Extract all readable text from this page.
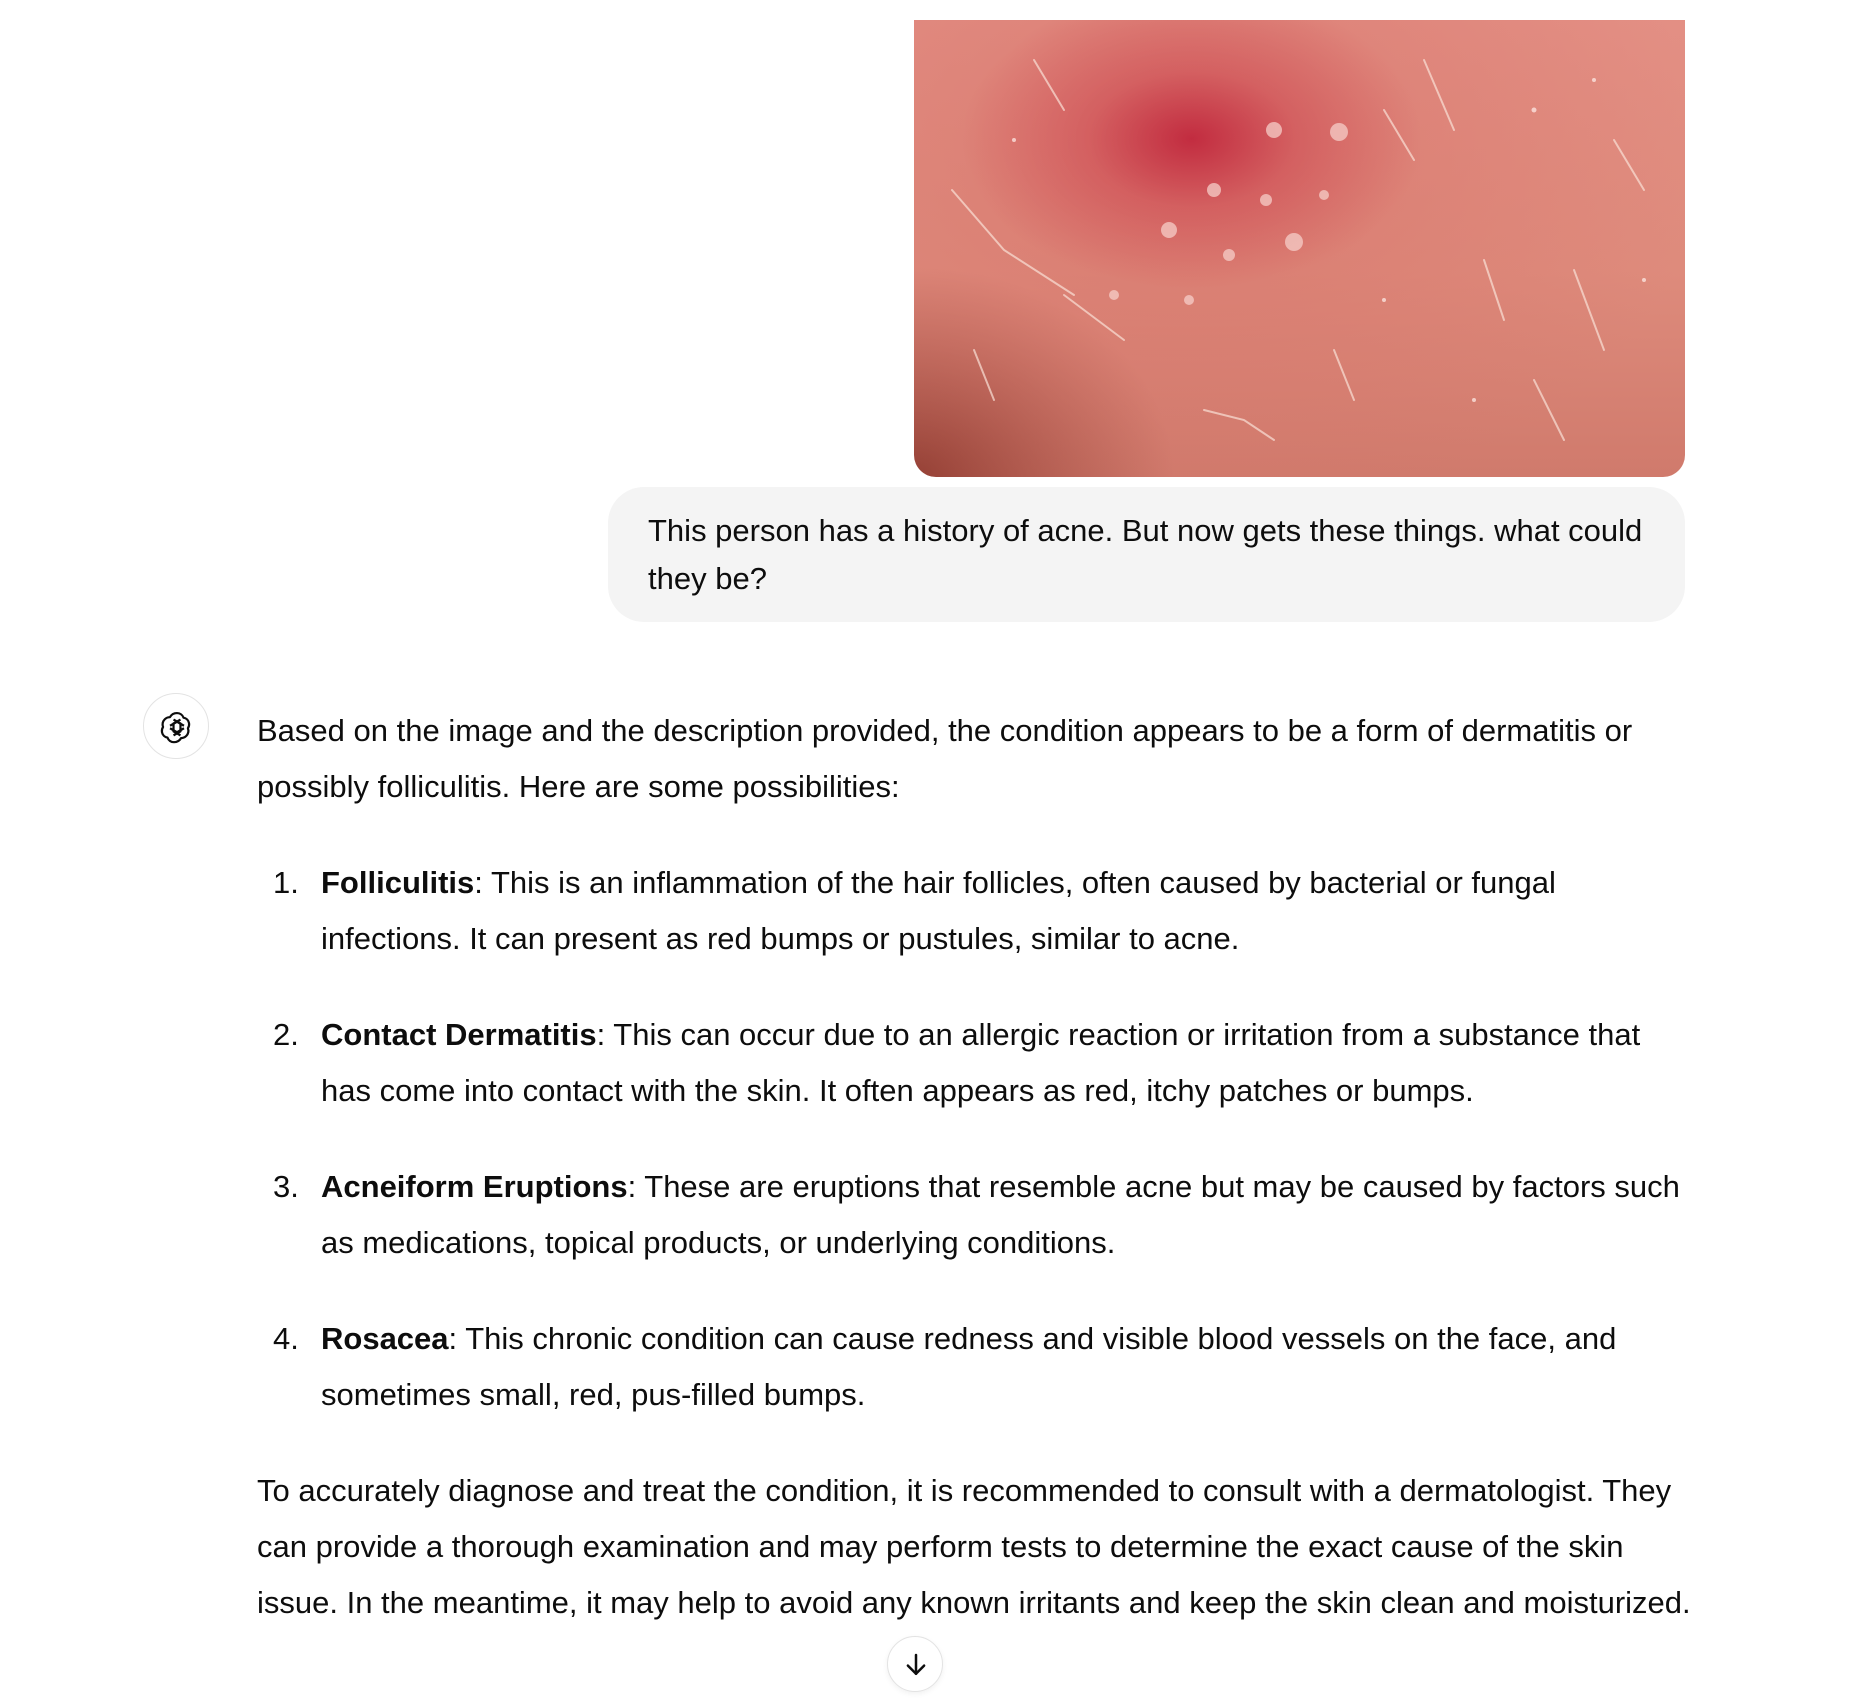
This person has a history of acne. But now gets these things. what could they be?

Based on the image and the description provided, the condition appears to be a form of dermatitis or possibly folliculitis. Here are some possibilities:

1. Folliculitis: This is an inflammation of the hair follicles, often caused by bacterial or fungal infections. It can present as red bumps or pustules, similar to acne.
2. Contact Dermatitis: This can occur due to an allergic reaction or irritation from a substance that has come into contact with the skin. It often appears as red, itchy patches or bumps.
3. Acneiform Eruptions: These are eruptions that resemble acne but may be caused by factors such as medications, topical products, or underlying conditions.
4. Rosacea: This chronic condition can cause redness and visible blood vessels on the face, and sometimes small, red, pus-filled bumps.

To accurately diagnose and treat the condition, it is recommended to consult with a dermatologist. They can provide a thorough examination and may perform tests to determine the exact cause of the skin issue. In the meantime, it may help to avoid any known irritants and keep the skin clean and moisturized.
